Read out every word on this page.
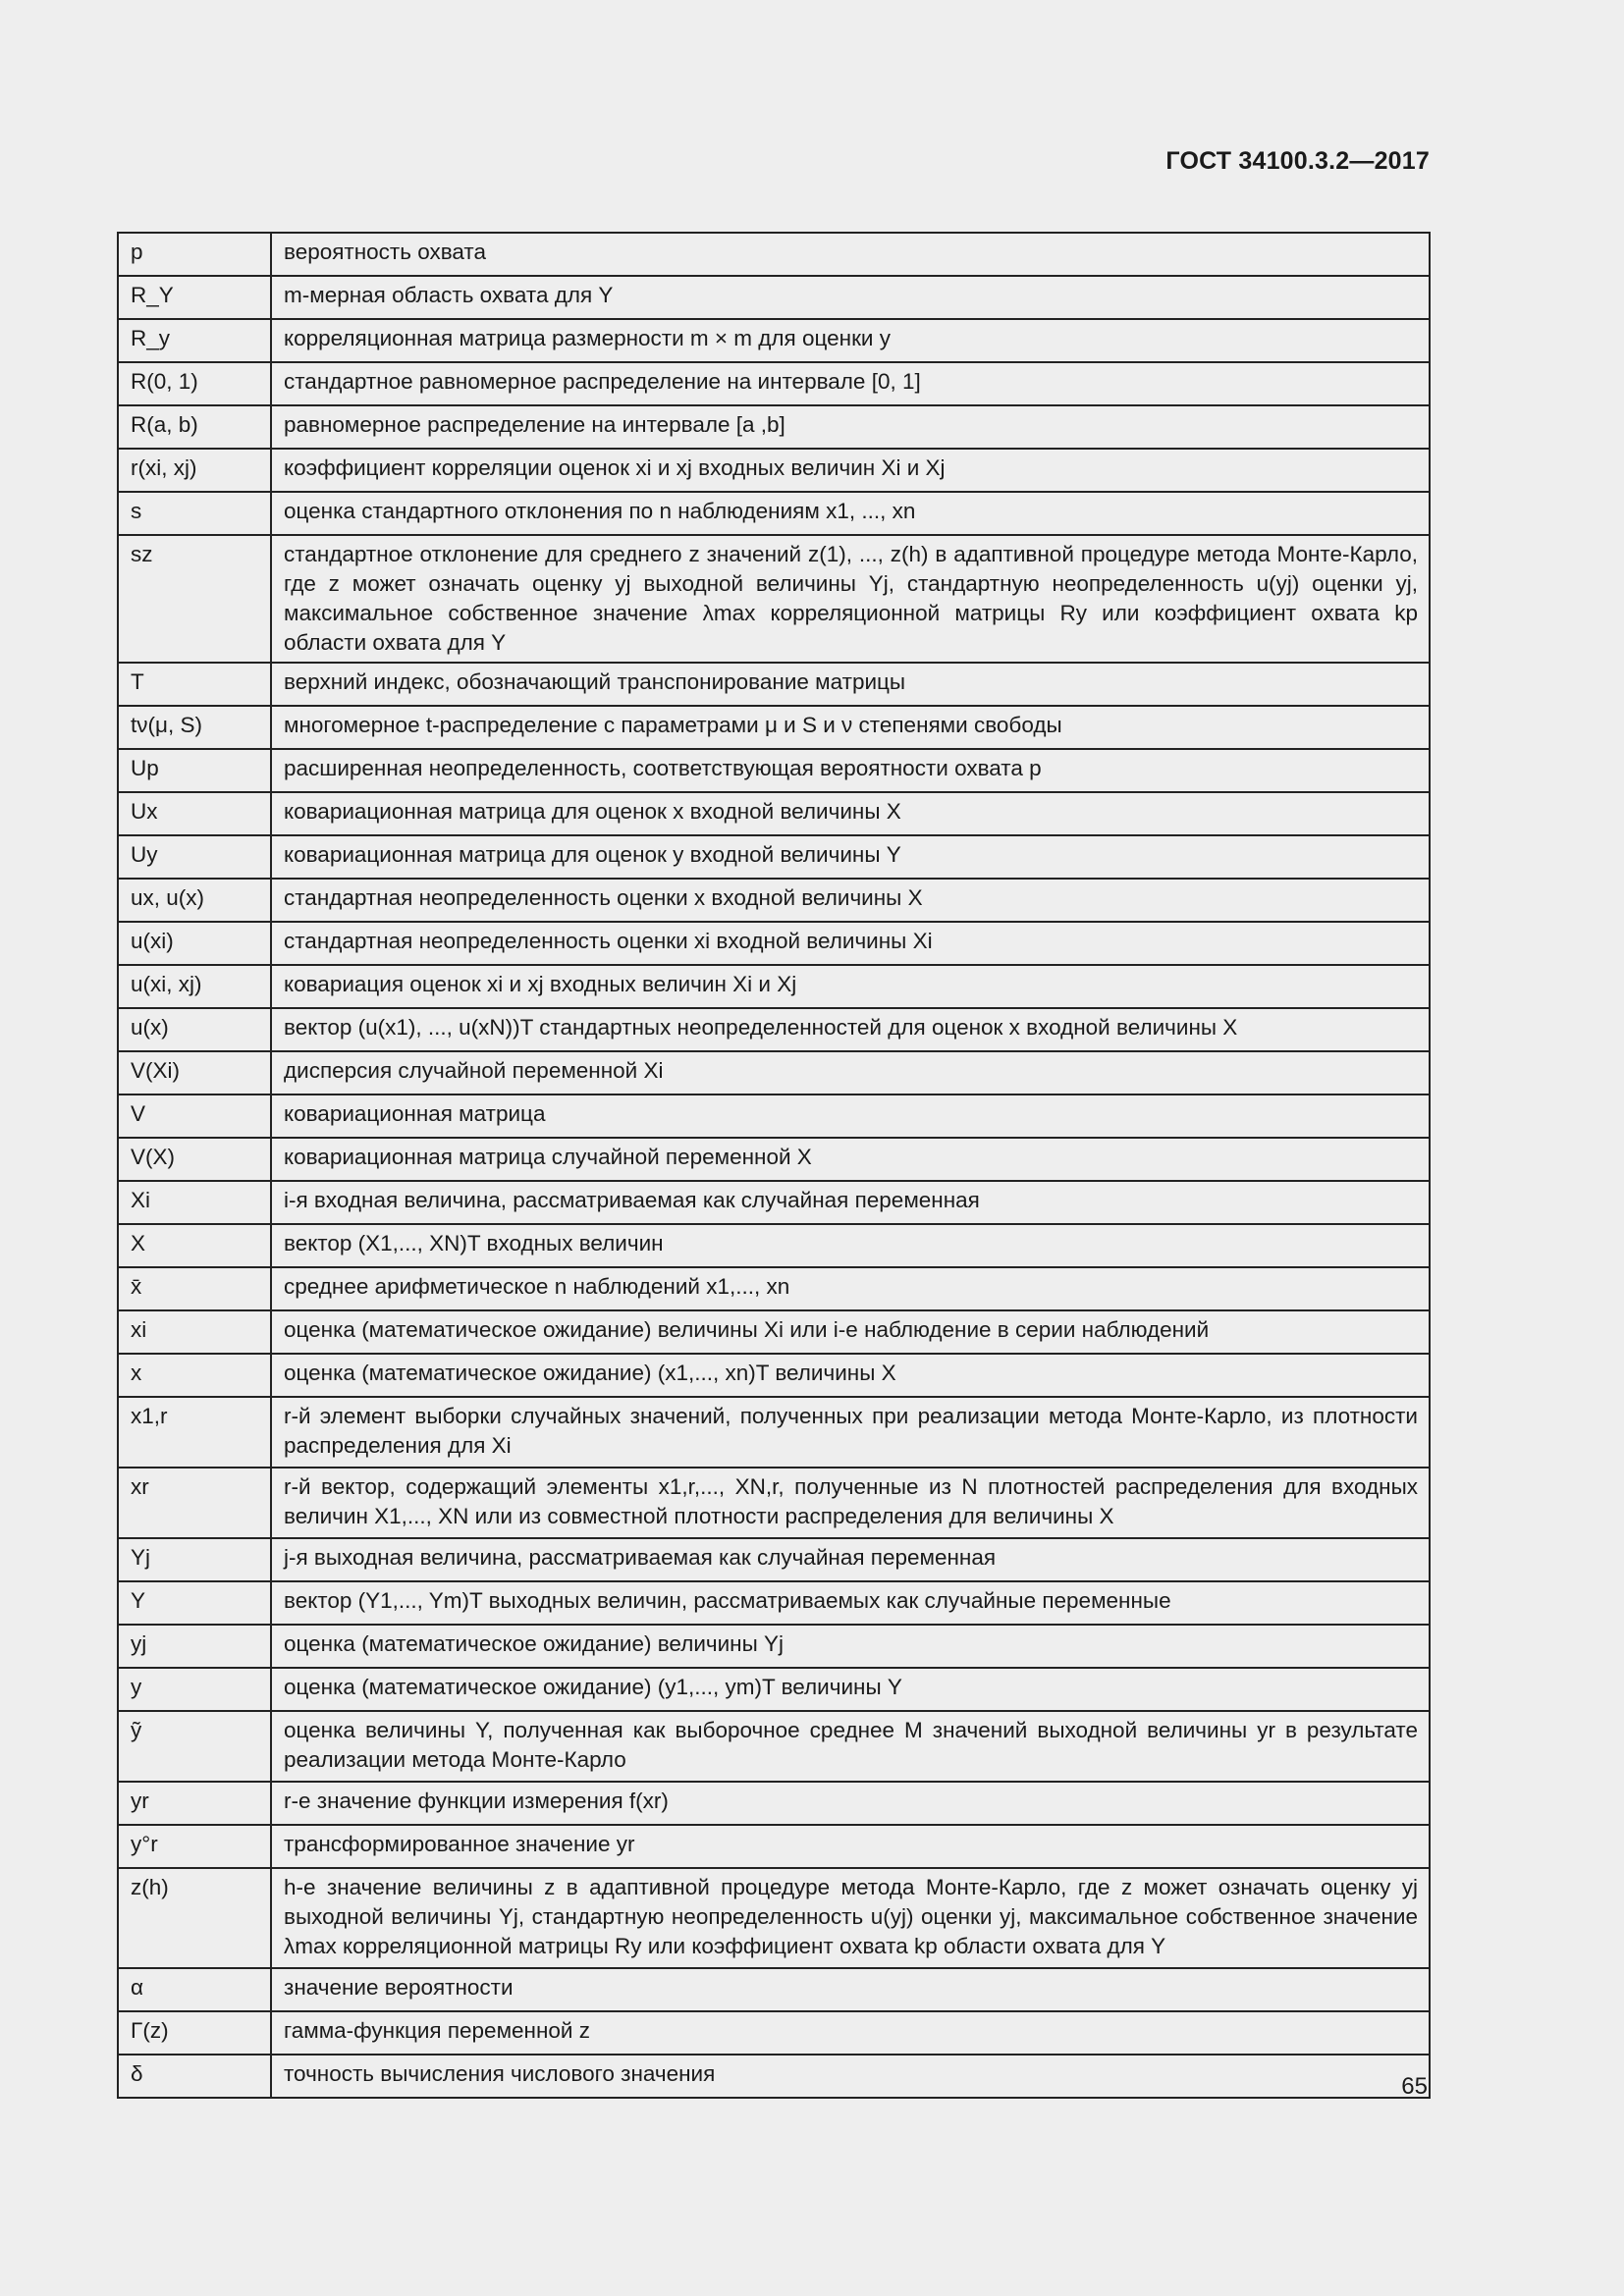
ГОСТ 34100.3.2—2017
p	вероятность охвата
R_Y	m-мерная область охвата для Y
R_y	корреляционная матрица размерности m × m для оценки y
R(0, 1)	стандартное равномерное распределение на интервале [0, 1]
R(a, b)	равномерное распределение на интервале [a ,b]
r(xi, xj)	коэффициент корреляции оценок xi и xj входных величин Xi и Xj
s	оценка стандартного отклонения по n наблюдениям x1, ..., xn
sz	стандартное отклонение для среднего z значений z(1), ..., z(h) в адаптивной процедуре метода Монте-Карло, где z может означать оценку yj выходной величины Yj, стандартную неопределенность u(yj) оценки yj, максимальное собственное значение λmax корреляционной матрицы Ry или коэффициент охвата kp области охвата для Y
T	верхний индекс, обозначающий транспонирование матрицы
tν(μ, S)	многомерное t-распределение с параметрами μ и S и ν степенями свободы
Up	расширенная неопределенность, соответствующая вероятности охвата p
Ux	ковариационная матрица для оценок x входной величины X
Uy	ковариационная матрица для оценок y входной величины Y
ux, u(x)	стандартная неопределенность оценки x входной величины X
u(xi)	стандартная неопределенность оценки xi входной величины Xi
u(xi, xj)	ковариация оценок xi и xj входных величин Xi и Xj
u(x)	вектор (u(x1), ..., u(xN))T стандартных неопределенностей для оценок x входной величины X
V(Xi)	дисперсия случайной переменной Xi
V	ковариационная матрица
V(X)	ковариационная матрица случайной переменной X
Xi	i-я входная величина, рассматриваемая как случайная переменная
X	вектор (X1,..., XN)T входных величин
x̄	среднее арифметическое n наблюдений x1,..., xn
xi	оценка (математическое ожидание) величины Xi или i-е наблюдение в серии наблюдений
x	оценка (математическое ожидание) (x1,..., xn)T величины X
x1,r	r-й элемент выборки случайных значений, полученных при реализации метода Монте-Карло, из плотности распределения для Xi
xr	r-й вектор, содержащий элементы x1,r,..., XN,r, полученные из N плотностей распределения для входных величин X1,..., XN или из совместной плотности распределения для величины X
Yj	j-я выходная величина, рассматриваемая как случайная переменная
Y	вектор (Y1,..., Ym)T выходных величин, рассматриваемых как случайные переменные
yj	оценка (математическое ожидание) величины Yj
y	оценка (математическое ожидание) (y1,..., ym)T величины Y
ỹ	оценка величины Y, полученная как выборочное среднее M значений выходной величины yr в результате реализации метода Монте-Карло
yr	r-е значение функции измерения f(xr)
y°r	трансформированное значение yr
z(h)	h-е значение величины z в адаптивной процедуре метода Монте-Карло, где z может означать оценку yj выходной величины Yj, стандартную неопределенность u(yj) оценки yj, максимальное собственное значение λmax корреляционной матрицы Ry или коэффициент охвата kp области охвата для Y
α	значение вероятности
Γ(z)	гамма-функция переменной z
δ	точность вычисления числового значения	65
